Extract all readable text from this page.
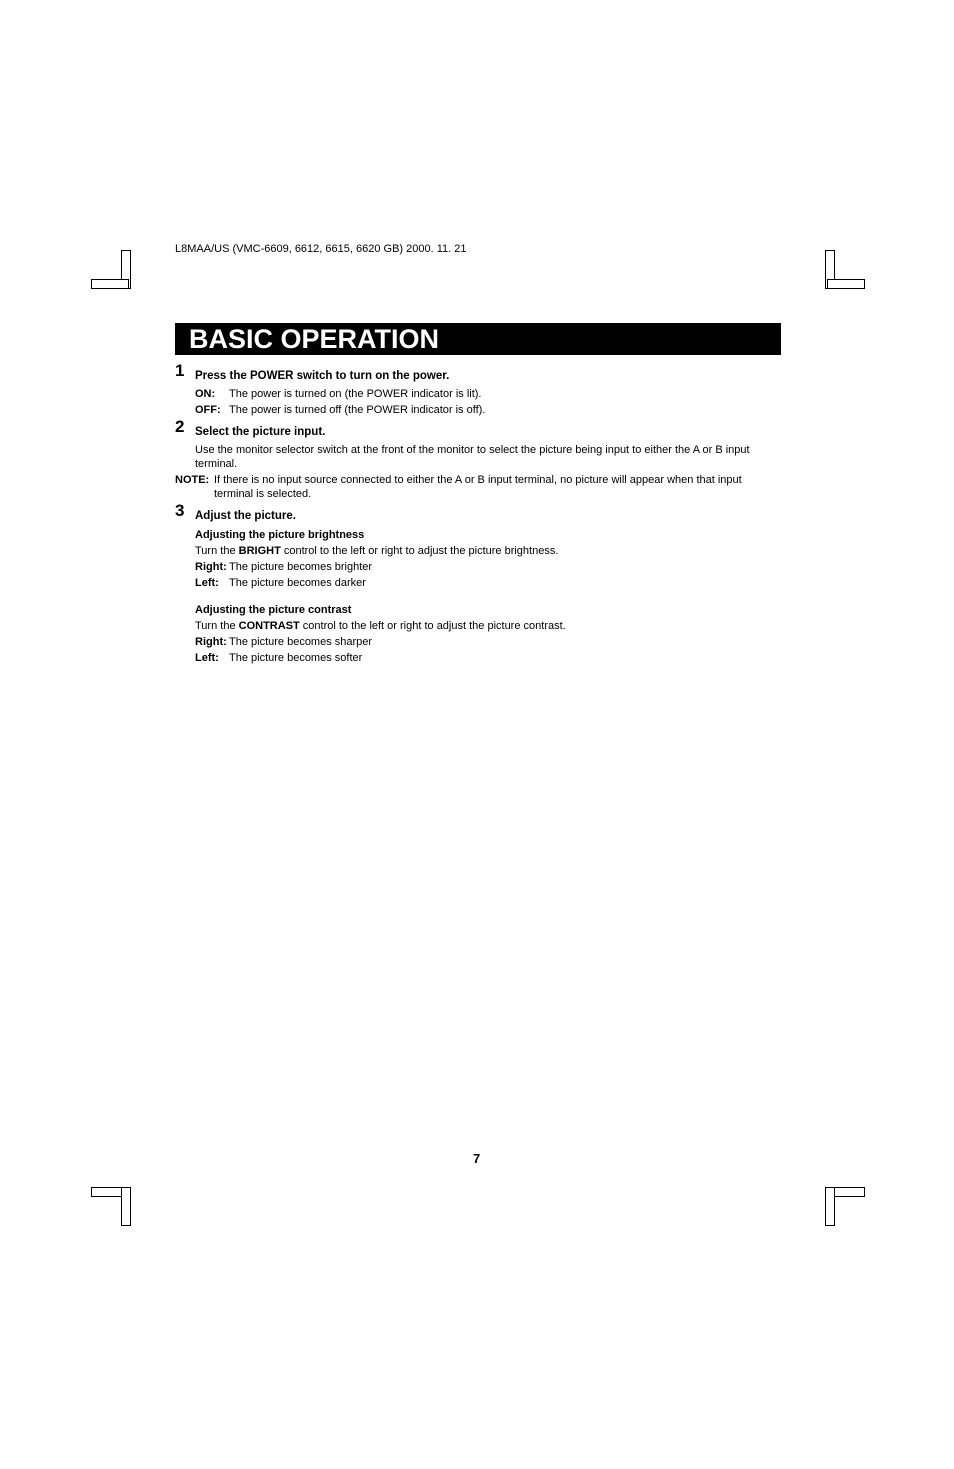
L8MAA/US (VMC-6609, 6612, 6615, 6620 GB) 2000. 11. 21
BASIC OPERATION
1 Press the POWER switch to turn on the power.
ON:	The power is turned on (the POWER indicator is lit).
OFF: The power is turned off (the POWER indicator is off).
2 Select the picture input.
Use the monitor selector switch at the front of the monitor to select the picture being input to either the A or B input terminal.
NOTE: If there is no input source connected to either the A or B input terminal, no picture will appear when that input terminal is selected.
3 Adjust the picture.
Adjusting the picture brightness
Turn the BRIGHT control to the left or right to adjust the picture brightness.
Right: The picture becomes brighter
Left: The picture becomes darker
Adjusting the picture contrast
Turn the CONTRAST control to the left or right to adjust the picture contrast.
Right: The picture becomes sharper
Left: The picture becomes softer
7
